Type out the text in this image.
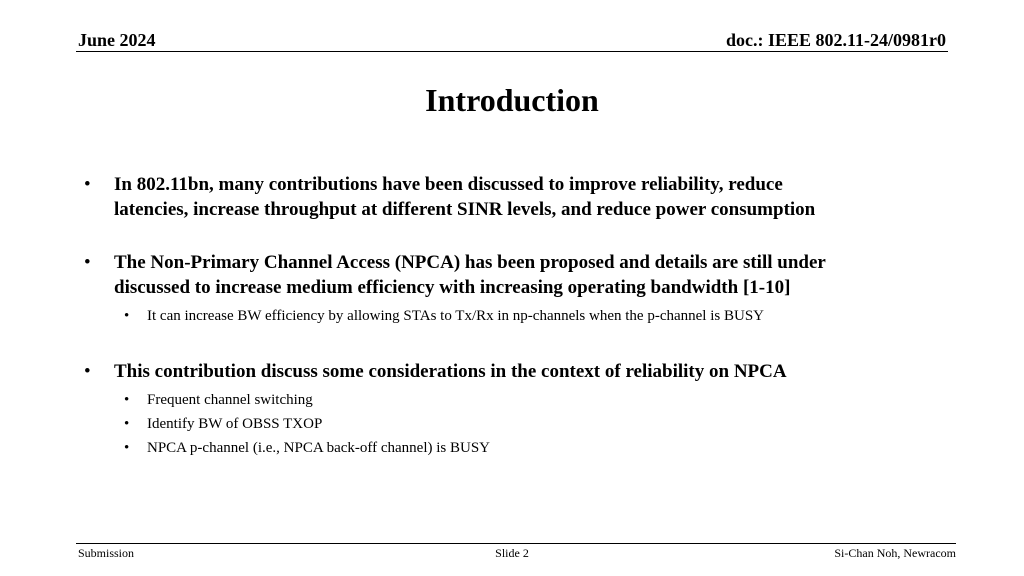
June 2024	doc.: IEEE 802.11-24/0981r0
Introduction
• In 802.11bn, many contributions have been discussed to improve reliability, reduce
latencies, increase throughput at different SINR levels, and reduce power consumption
• The Non-Primary Channel Access (NPCA) has been proposed and details are still under
discussed to increase medium efficiency with increasing operating bandwidth [1-10]
• It can increase BW efficiency by allowing STAs to Tx/Rx in np-channels when the p-channel is BUSY
• This contribution discuss some considerations in the context of reliability on NPCA
• Frequent channel switching
• Identify BW of OBSS TXOP
• NPCA p-channel (i.e., NPCA back-off channel) is BUSY
Submission	Slide 2	Si-Chan Noh, Newracom
